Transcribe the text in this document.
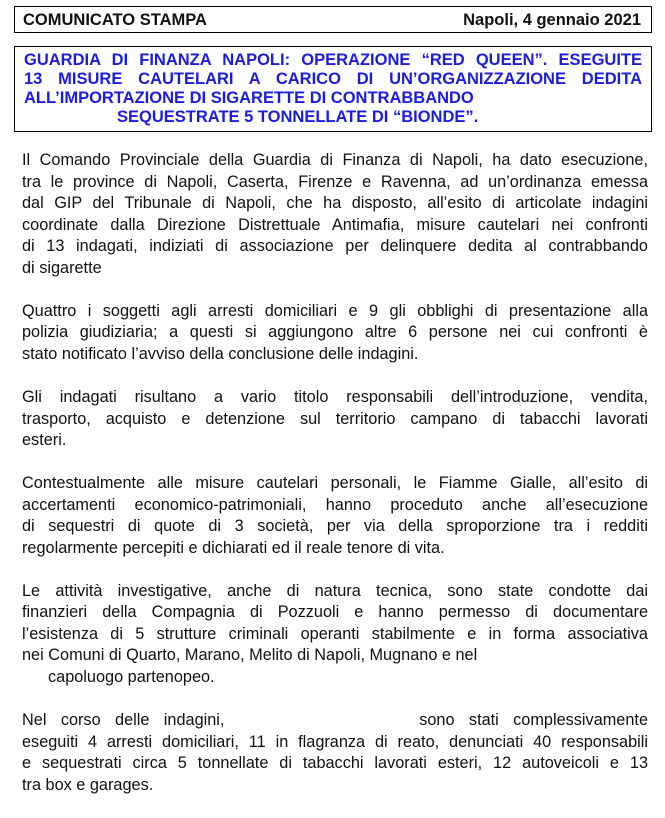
COMUNICATO STAMPA	Napoli, 4 gennaio 2021
GUARDIA DI FINANZA NAPOLI: OPERAZIONE “RED QUEEN”. ESEGUITE
13 MISURE CAUTELARI A CARICO DI UN’ORGANIZZAZIONE DEDITA
ALL’IMPORTAZIONE DI SIGARETTE DI CONTRABBANDO
SEQUESTRATE 5 TONNELLATE DI “BIONDE”.
Il Comando Provinciale della Guardia di Finanza di Napoli, ha dato esecuzione,
tra le province di Napoli, Caserta, Firenze e Ravenna, ad un’ordinanza emessa
dal GIP del Tribunale di Napoli, che ha disposto, all’esito di articolate indagini
coordinate dalla Direzione Distrettuale Antimafia, misure cautelari nei confronti
di 13 indagati, indiziati di associazione per delinquere dedita al contrabbando
di sigarette
Quattro i soggetti agli arresti domiciliari e 9 gli obblighi di presentazione alla
polizia giudiziaria; a questi si aggiungono altre 6 persone nei cui confronti è
stato notificato l’avviso della conclusione delle indagini.
Gli indagati risultano a vario titolo responsabili dell’introduzione, vendita,
trasporto, acquisto e detenzione sul territorio campano di tabacchi lavorati
esteri.
Contestualmente alle misure cautelari personali, le Fiamme Gialle, all’esito di
accertamenti economico-patrimoniali, hanno proceduto anche all’esecuzione
di sequestri di quote di 3 società, per via della sproporzione tra i redditi
regolarmente percepiti e dichiarati ed il reale tenore di vita.
Le attività investigative, anche di natura tecnica, sono state condotte dai
finanzieri della Compagnia di Pozzuoli e hanno permesso di documentare
l’esistenza di 5 strutture criminali operanti stabilmente e in forma associativa
nei Comuni di Quarto, Marano, Melito di Napoli, Mugnano e nel
capoluogo partenopeo.
Nel corso delle indagini,	sono stati complessivamente
eseguiti 4 arresti domiciliari, 11 in flagranza di reato, denunciati 40 responsabili
e sequestrati circa 5 tonnellate di tabacchi lavorati esteri, 12 autoveicoli e 13
tra box e garages.
